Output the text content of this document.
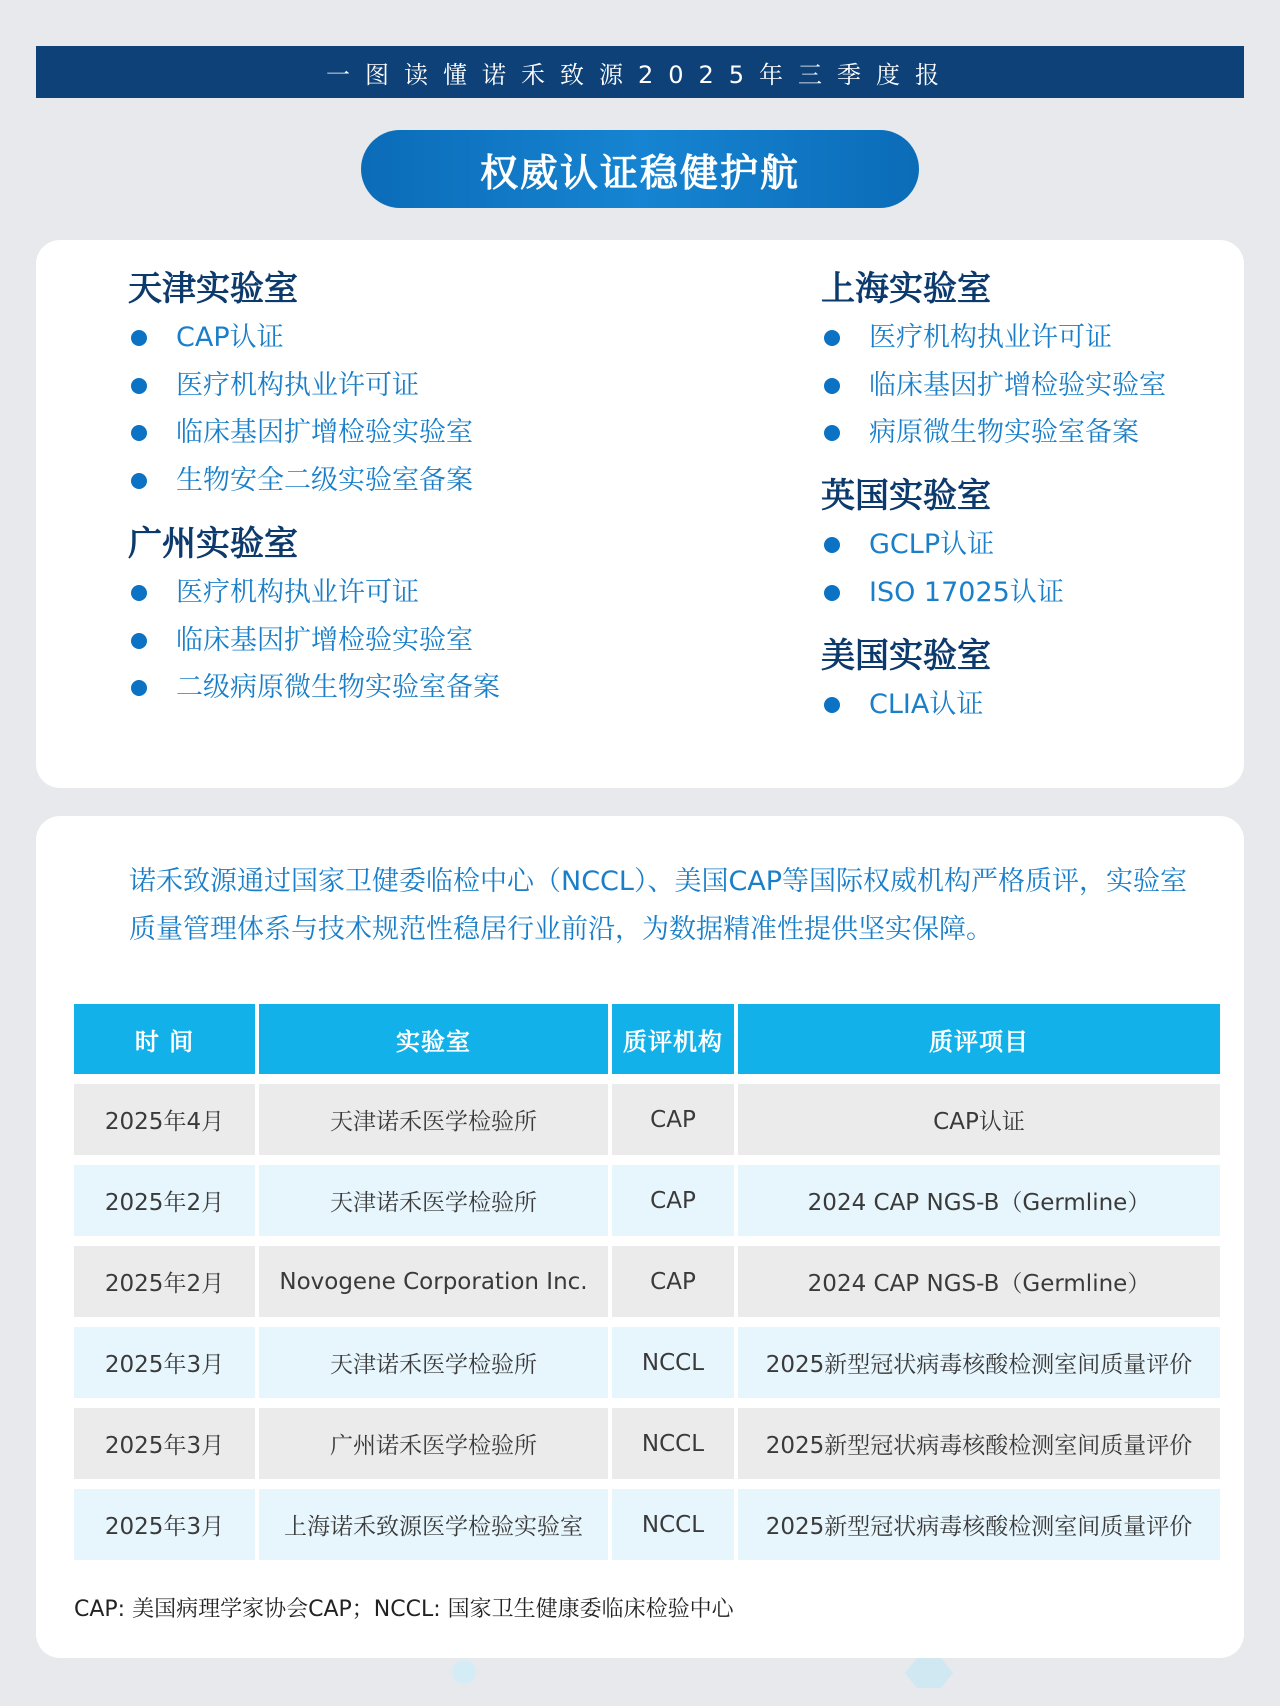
一图读懂诺禾致源2025年三季度报
权威认证稳健护航
天津实验室
CAP认证
医疗机构执业许可证
临床基因扩增检验实验室
生物安全二级实验室备案
广州实验室
医疗机构执业许可证
临床基因扩增检验实验室
二级病原微生物实验室备案
上海实验室
医疗机构执业许可证
临床基因扩增检验实验室
病原微生物实验室备案
英国实验室
GCLP认证
ISO 17025认证
美国实验室
CLIA认证

诺禾致源通过国家卫健委临检中心（NCCL）、美国CAP等国际权威机构严格质评，实验室质量管理体系与技术规范性稳居行业前沿，为数据精准性提供坚实保障。

时 间	实验室	质评机构	质评项目
2025年4月	天津诺禾医学检验所	CAP	CAP认证
2025年2月	天津诺禾医学检验所	CAP	2024 CAP NGS-B（Germline）
2025年2月	Novogene Corporation Inc.	CAP	2024 CAP NGS-B（Germline）
2025年3月	天津诺禾医学检验所	NCCL	2025新型冠状病毒核酸检测室间质量评价
2025年3月	广州诺禾医学检验所	NCCL	2025新型冠状病毒核酸检测室间质量评价
2025年3月	上海诺禾致源医学检验实验室	NCCL	2025新型冠状病毒核酸检测室间质量评价

CAP: 美国病理学家协会CAP；NCCL: 国家卫生健康委临床检验中心
